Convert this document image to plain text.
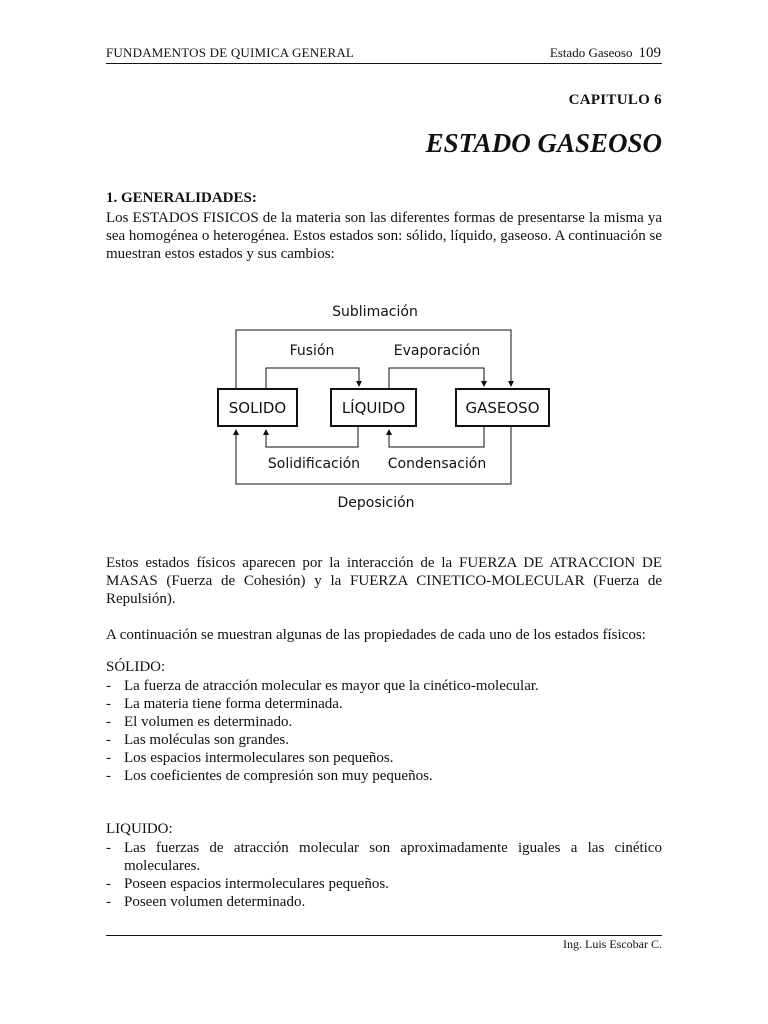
FUNDAMENTOS DE QUIMICA GENERAL	Estado Gaseoso 109
CAPITULO 6
ESTADO GASEOSO
1. GENERALIDADES:
Los ESTADOS FISICOS de la materia son las diferentes formas de presentarse la misma ya sea homogénea o heterogénea. Estos estados son: sólido, líquido, gaseoso. A continuación se muestran estos estados y sus cambios:
SOLIDO	LÍQUIDO	GASEOSO
Sublimación
Fusión	Evaporación
Solidificación Condensación
Deposición
Estos estados físicos aparecen por la interacción de la FUERZA DE ATRACCION DE MASAS (Fuerza de Cohesión) y la FUERZA CINETICO-MOLECULAR (Fuerza de Repulsión).
A continuación se muestran algunas de las propiedades de cada uno de los estados físicos:
SÓLIDO:
- La fuerza de atracción molecular es mayor que la cinético-molecular.
- La materia tiene forma determinada.
- El volumen es determinado.
- Las moléculas son grandes.
- Los espacios intermoleculares son pequeños.
- Los coeficientes de compresión son muy pequeños.
LIQUIDO:
- Las fuerzas de atracción molecular son aproximadamente iguales a las cinético moleculares.
- Poseen espacios intermoleculares pequeños.
- Poseen volumen determinado.
Ing. Luis Escobar C.
